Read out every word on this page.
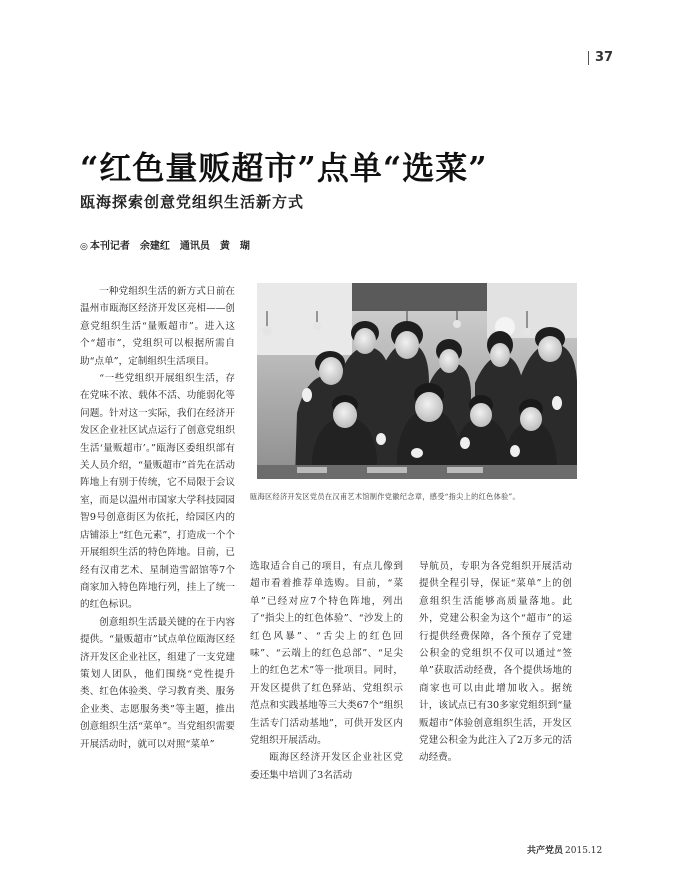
37
“红色量贩超市”点单“选菜”
瓯海探索创意党组织生活新方式
◎ 本刊记者　余建红　通讯员　黄　瑚

一种党组织生活的新方式日前在温州市瓯海区经济开发区亮相——创意党组织生活“量贩超市”。进入这个“超市”，党组织可以根据所需自助“点单”，定制组织生活项目。

“一些党组织开展组织生活，存在党味不浓、载体不活、功能弱化等问题。针对这一实际，我们在经济开发区企业社区试点运行了创意党组织生活‘量贩超市’。”瓯海区委组织部有关人员介绍，“量贩超市”首先在活动阵地上有别于传统，它不局限于会议室，而是以温州市国家大学科技园园智9号创意街区为依托，给园区内的店铺添上“红色元素”，打造成一个个开展组织生活的特色阵地。目前，已经有汉甫艺术、星制造雪韶馆等7个商家加入特色阵地行列，挂上了统一的红色标识。

创意组织生活最关键的在于内容提供。“量贩超市”试点单位瓯海区经济开发区企业社区，组建了一支党建策划人团队，他们围绕“党性提升类、红色体验类、学习教育类、服务企业类、志愿服务类”等主题，推出创意组织生活“菜单”。当党组织需要开展活动时，就可以对照“菜单”

瓯海区经济开发区党员在汉甫艺术馆制作党徽纪念章，感受“指尖上的红色体验”。

选取适合自己的项目，有点儿像到超市看着推荐单选购。目前，“菜单”已经对应7个特色阵地，列出了“指尖上的红色体验”、“沙发上的红色风暴”、“舌尖上的红色回味”、“云端上的红色总部”、“足尖上的红色艺术”等一批项目。同时，开发区提供了红色驿站、党组织示范点和实践基地等三大类67个“组织生活专门活动基地”，可供开发区内党组织开展活动。

瓯海区经济开发区企业社区党委还集中培训了3名活动

导航员，专职为各党组织开展活动提供全程引导，保证“菜单”上的创意组织生活能够高质量落地。此外，党建公积金为这个“超市”的运行提供经费保障，各个预存了党建公积金的党组织不仅可以通过“签单”获取活动经费，各个提供场地的商家也可以由此增加收入。据统计，该试点已有30多家党组织到“量贩超市”体验创意组织生活，开发区党建公积金为此注入了2万多元的活动经费。

共产党员 2015.12
